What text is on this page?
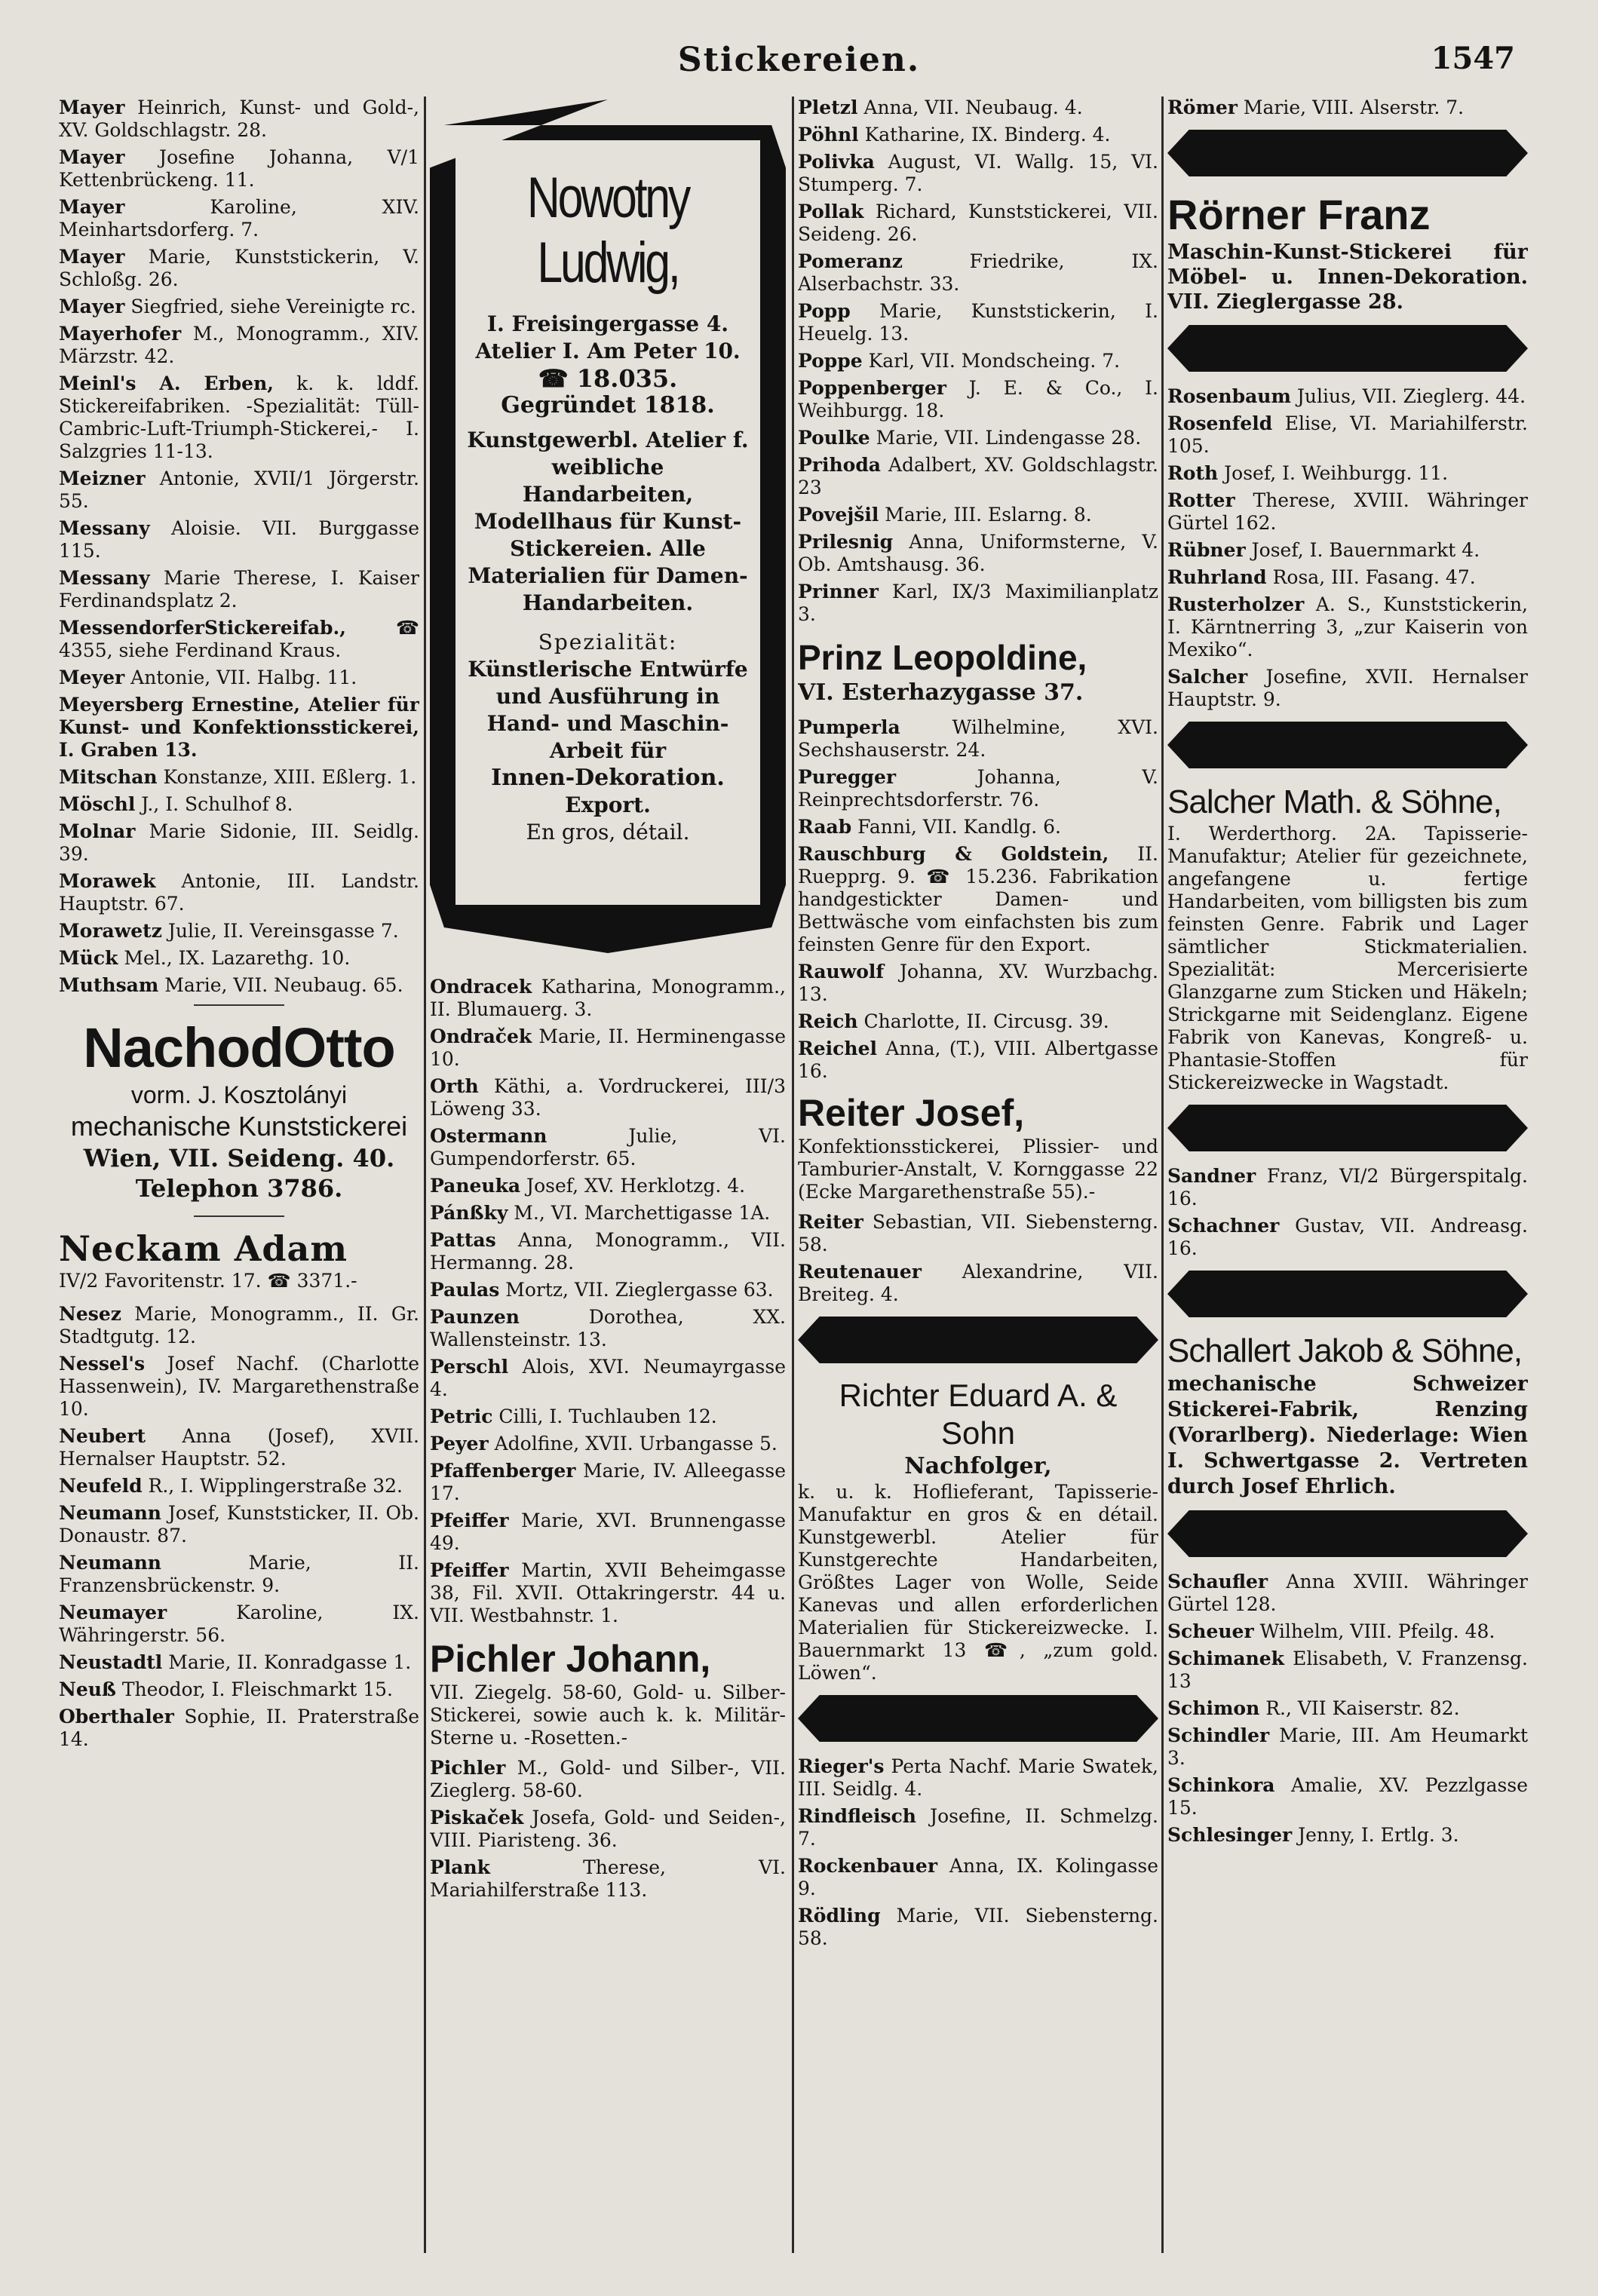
Stickereien.	1547
Mayer Heinrich, Kunst- und Gold-, XV. Goldschlagstr. 28.
Mayer Josefine Johanna, V/1 Kettenbrückeng. 11.
Mayer Karoline, XIV. Meinhartsdorferg. 7.
Mayer Marie, Kunststickerin, V. Schloßg. 26.
Mayer Siegfried, siehe Vereinigte rc.
Mayerhofer M., Monogramm., XIV. Märzstr. 42.
Meinl's A. Erben, k. k. lddf. Stickereifabriken. -Spezialität: Tüll-Cambric-Luft-Triumph-Stickerei,- I. Salzgries 11-13.
Meizner Antonie, XVII/1 Jörgerstr. 55.
Messany Aloisie. VII. Burggasse 115.
Messany Marie Therese, I. Kaiser Ferdinandsplatz 2.
MessendorferStickereifab., ☎ 4355, siehe Ferdinand Kraus.
Meyer Antonie, VII. Halbg. 11.
Meyersberg Ernestine, Atelier für Kunst- und Konfektionsstickerei, I. Graben 13.
Mitschan Konstanze, XIII. Eßlerg. 1.
Möschl J., I. Schulhof 8.
Molnar Marie Sidonie, III. Seidlg. 39.
Morawek Antonie, III. Landstr. Hauptstr. 67.
Morawetz Julie, II. Vereinsgasse 7.
Mück Mel., IX. Lazarethg. 10.
Muthsam Marie, VII. Neubaug. 65.
NachodOtto
vorm. J. Kosztolányi
mechanische Kunststickerei
Wien, VII. Seideng. 40.
Telephon 3786.
Neckam Adam
IV/2 Favoritenstr. 17. ☎ 3371.-
Nesez Marie, Monogramm., II. Gr. Stadtgutg. 12.
Nessel's Josef Nachf. (Charlotte Hassenwein), IV. Margarethenstraße 10.
Neubert Anna (Josef), XVII. Hernalser Hauptstr. 52.
Neufeld R., I. Wipplingerstraße 32.
Neumann Josef, Kunststicker, II. Ob. Donaustr. 87.
Neumann Marie, II. Franzensbrückenstr. 9.
Neumayer Karoline, IX. Währingerstr. 56.
Neustadtl Marie, II. Konradgasse 1.
Neuß Theodor, I. Fleischmarkt 15.
Oberthaler Sophie, II. Praterstraße 14.
Nowotny Ludwig,
I. Freisingergasse 4.
Atelier I. Am Peter 10.
☎ 18.035.
Gegründet 1818.
Kunstgewerbl. Atelier f. weibliche Handarbeiten,
Modellhaus für Kunst-Stickereien. Alle Materialien für Damen-Handarbeiten.
Spezialität:
Künstlerische Entwürfe und Ausführung in Hand- und Maschin-Arbeit für
Innen-Dekoration.
Export.
En gros, détail.
Ondracek Katharina, Monogramm., II. Blumauerg. 3.
Ondraček Marie, II. Herminengasse 10.
Orth Käthi, a. Vordruckerei, III/3 Löweng 33.
Ostermann Julie, VI. Gumpendorferstr. 65.
Paneuka Josef, XV. Herklotzg. 4.
Pánßky M., VI. Marchettigasse 1A.
Pattas Anna, Monogramm., VII. Hermanng. 28.
Paulas Mortz, VII. Zieglergasse 63.
Paunzen Dorothea, XX. Wallensteinstr. 13.
Perschl Alois, XVI. Neumayrgasse 4.
Petric Cilli, I. Tuchlauben 12.
Peyer Adolfine, XVII. Urbangasse 5.
Pfaffenberger Marie, IV. Alleegasse 17.
Pfeiffer Marie, XVI. Brunnengasse 49.
Pfeiffer Martin, XVII Beheimgasse 38, Fil. XVII. Ottakringerstr. 44 u. VII. Westbahnstr. 1.
Pichler Johann,
VII. Ziegelg. 58-60, Gold- u. Silber-Stickerei, sowie auch k. k. Militär-Sterne u. -Rosetten.-
Pichler M., Gold- und Silber-, VII. Zieglerg. 58-60.
Piskaček Josefa, Gold- und Seiden-, VIII. Piaristeng. 36.
Plank Therese, VI. Mariahilferstraße 113.
Pletzl Anna, VII. Neubaug. 4.
Pöhnl Katharine, IX. Binderg. 4.
Polivka August, VI. Wallg. 15, VI. Stumperg. 7.
Pollak Richard, Kunststickerei, VII. Seideng. 26.
Pomeranz Friedrike, IX. Alserbachstr. 33.
Popp Marie, Kunststickerin, I. Heuelg. 13.
Poppe Karl, VII. Mondscheing. 7.
Poppenberger J. E. & Co., I. Weihburgg. 18.
Poulke Marie, VII. Lindengasse 28.
Prihoda Adalbert, XV. Goldschlagstr. 23
Povejšil Marie, III. Eslarng. 8.
Prilesnig Anna, Uniformsterne, V. Ob. Amtshausg. 36.
Prinner Karl, IX/3 Maximilianplatz 3.
Prinz Leopoldine,
VI. Esterhazygasse 37.
Pumperla Wilhelmine, XVI. Sechshauserstr. 24.
Puregger Johanna, V. Reinprechtsdorferstr. 76.
Raab Fanni, VII. Kandlg. 6.
Rauschburg & Goldstein, II. Ruepprg. 9. ☎ 15.236. Fabrikation handgestickter Damen- und Bettwäsche vom einfachsten bis zum feinsten Genre für den Export.
Rauwolf Johanna, XV. Wurzbachg. 13.
Reich Charlotte, II. Circusg. 39.
Reichel Anna, (T.), VIII. Albertgasse 16.
Reiter Josef,
Konfektionsstickerei, Plissier- und Tamburier-Anstalt, V. Kornggasse 22 (Ecke Margarethenstraße 55).-
Reiter Sebastian, VII. Siebensterng. 58.
Reutenauer Alexandrine, VII. Breiteg. 4.
Richter Eduard A. & Sohn
Nachfolger,
k. u. k. Hoflieferant, Tapisserie-Manufaktur en gros & en détail. Kunstgewerbl. Atelier für Kunstgerechte Handarbeiten, Größtes Lager von Wolle, Seide Kanevas und allen erforderlichen Materialien für Stickereizwecke. I. Bauernmarkt 13 ☎, „zum gold. Löwen“.
Rieger's Perta Nachf. Marie Swatek, III. Seidlg. 4.
Rindfleisch Josefine, II. Schmelzg. 7.
Rockenbauer Anna, IX. Kolingasse 9.
Rödling Marie, VII. Siebensterng. 58.
Römer Marie, VIII. Alserstr. 7.
Rörner Franz
Maschin-Kunst-Stickerei für Möbel- u. Innen-Dekoration. VII. Zieglergasse 28.
Rosenbaum Julius, VII. Zieglerg. 44.
Rosenfeld Elise, VI. Mariahilferstr. 105.
Roth Josef, I. Weihburgg. 11.
Rotter Therese, XVIII. Währinger Gürtel 162.
Rübner Josef, I. Bauernmarkt 4.
Ruhrland Rosa, III. Fasang. 47.
Rusterholzer A. S., Kunststickerin, I. Kärntnerring 3, „zur Kaiserin von Mexiko“.
Salcher Josefine, XVII. Hernalser Hauptstr. 9.
Salcher Math. & Söhne,
I. Werderthorg. 2A. Tapisserie-Manufaktur; Atelier für gezeichnete, angefangene u. fertige Handarbeiten, vom billigsten bis zum feinsten Genre. Fabrik und Lager sämtlicher Stickmaterialien. Spezialität: Mercerisierte Glanzgarne zum Sticken und Häkeln; Strickgarne mit Seidenglanz. Eigene Fabrik von Kanevas, Kongreß- u. Phantasie-Stoffen für Stickereizwecke in Wagstadt.
Sandner Franz, VI/2 Bürgerspitalg. 16.
Schachner Gustav, VII. Andreasg. 16.
Schallert Jakob & Söhne,
mechanische Schweizer Stickerei-Fabrik, Renzing (Vorarlberg). Niederlage: Wien I. Schwertgasse 2. Vertreten durch Josef Ehrlich.
Schaufler Anna XVIII. Währinger Gürtel 128.
Scheuer Wilhelm, VIII. Pfeilg. 48.
Schimanek Elisabeth, V. Franzensg. 13
Schimon R., VII Kaiserstr. 82.
Schindler Marie, III. Am Heumarkt 3.
Schinkora Amalie, XV. Pezzlgasse 15.
Schlesinger Jenny, I. Ertlg. 3.
